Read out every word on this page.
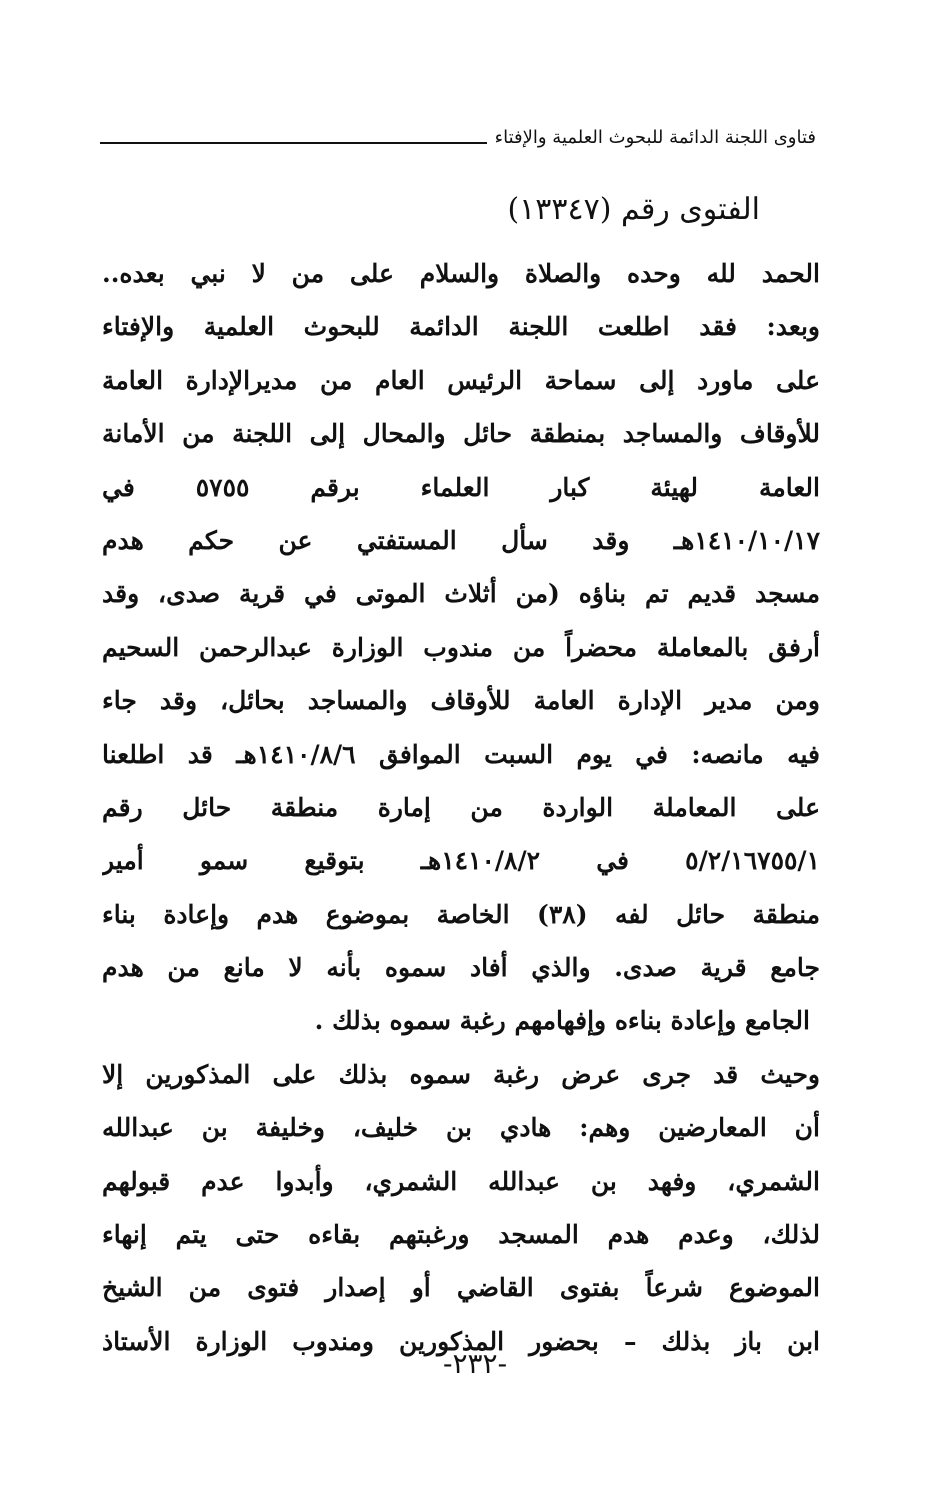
فتاوى اللجنة الدائمة للبحوث العلمية والإفتاء
الفتوى رقم (١٣٣٤٧)
الحمد لله وحده والصلاة والسلام على من لا نبي بعده..
وبعد: فقد اطلعت اللجنة الدائمة للبحوث العلمية والإفتاء
على ماورد إلى سماحة الرئيس العام من مديرالإدارة العامة
للأوقاف والمساجد بمنطقة حائل والمحال إلى اللجنة من الأمانة
العامة لهيئة كبار العلماء برقم ٥٧٥٥ في
١٤١٠/١٠/١٧هـ وقد سأل المستفتي عن حكم هدم
مسجد قديم تم بناؤه (من أثلاث الموتى في قرية صدى، وقد
أرفق بالمعاملة محضراً من مندوب الوزارة عبدالرحمن السحيم
ومن مدير الإدارة العامة للأوقاف والمساجد بحائل، وقد جاء
فيه مانصه: في يوم السبت الموافق ١٤١٠/٨/٦هـ قد اطلعنا
على المعاملة الواردة من إمارة منطقة حائل رقم
٥/٢/١٦٧٥٥/١ في ١٤١٠/٨/٢هـ بتوقيع سمو أمير
منطقة حائل لفه (٣٨) الخاصة بموضوع هدم وإعادة بناء
جامع قرية صدى. والذي أفاد سموه بأنه لا مانع من هدم
الجامع وإعادة بناءه وإفهامهم رغبة سموه بذلك .
وحيث قد جرى عرض رغبة سموه بذلك على المذكورين إلا
أن المعارضين وهم: هادي بن خليف، وخليفة بن عبدالله
الشمري، وفهد بن عبدالله الشمري، وأبدوا عدم قبولهم
لذلك، وعدم هدم المسجد ورغبتهم بقاءه حتى يتم إنهاء
الموضوع شرعاً بفتوى القاضي أو إصدار فتوى من الشيخ
ابن باز بذلك – بحضور المذكورين ومندوب الوزارة الأستاذ
-٢٣٢-
